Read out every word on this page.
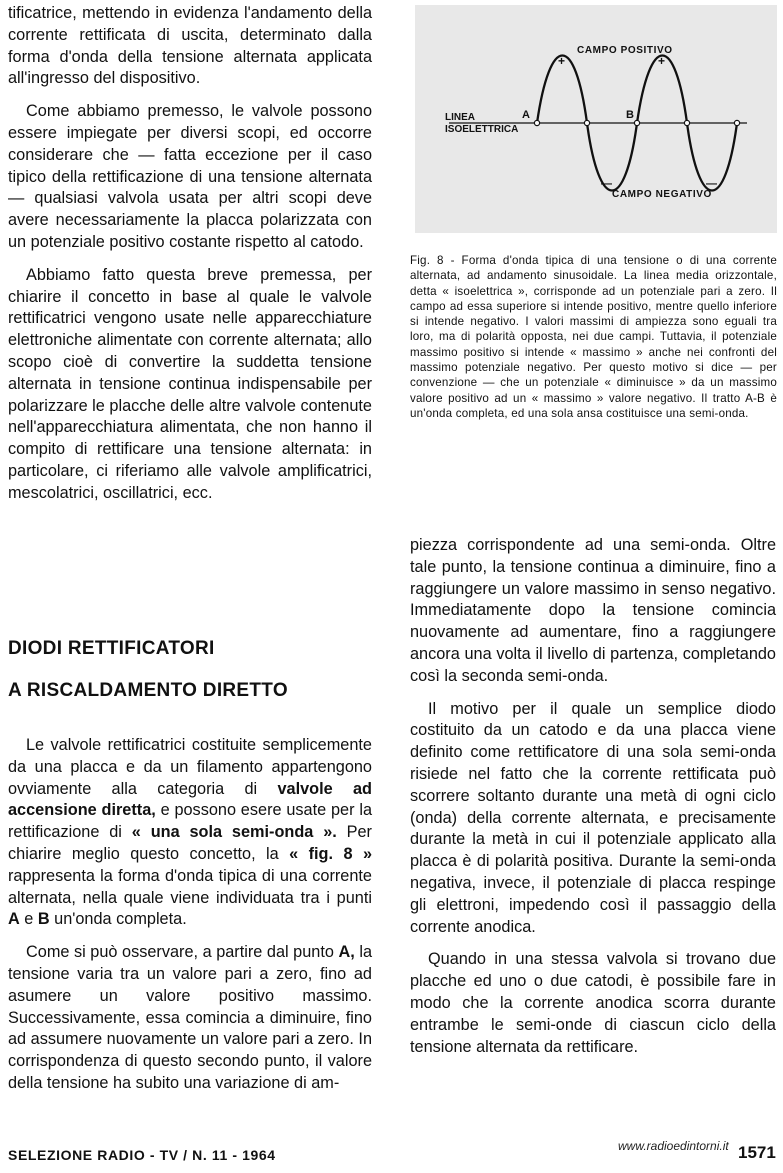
tificatrice, mettendo in evidenza l'andamento della corrente rettificata di uscita, determinato dalla forma d'onda della tensione alternata applicata all'ingresso del dispositivo.

Come abbiamo premesso, le valvole possono essere impiegate per diversi scopi, ed occorre considerare che — fatta eccezione per il caso tipico della rettificazione di una tensione alternata — qualsiasi valvola usata per altri scopi deve avere necessariamente la placca polarizzata con un potenziale positivo costante rispetto al catodo.

Abbiamo fatto questa breve premessa, per chiarire il concetto in base al quale le valvole rettificatrici vengono usate nelle apparecchiature elettroniche alimentate con corrente alternata; allo scopo cioè di convertire la suddetta tensione alternata in tensione continua indispensabile per polarizzare le placche delle altre valvole contenute nell'apparecchiatura alimentata, che non hanno il compito di rettificare una tensione alternata: in particolare, ci riferiamo alle valvole amplificatrici, mescolatrici, oscillatrici, ecc.

DIODI RETTIFICATORI
A RISCALDAMENTO DIRETTO

Le valvole rettificatrici costituite semplicemente da una placca e da un filamento appartengono ovviamente alla categoria di valvole ad accensione diretta, e possono esere usate per la rettificazione di « una sola semi-onda ». Per chiarire meglio questo concetto, la « fig. 8 » rappresenta la forma d'onda tipica di una corrente alternata, nella quale viene individuata tra i punti A e B un'onda completa.

Come si può osservare, a partire dal punto A, la tensione varia tra un valore pari a zero, fino ad asumere un valore positivo massimo. Successivamente, essa comincia a diminuire, fino ad assumere nuovamente un valore pari a zero. In corrispondenza di questo secondo punto, il valore della tensione ha subito una variazione di am-

CAMPO POSITIVO
CAMPO NEGATIVO
LINEA
ISOELETTRICA
A	B
+	+
—	—

Fig. 8 - Forma d'onda tipica di una tensione o di una corrente alternata, ad andamento sinusoidale. La linea media orizzontale, detta « isoelettrica », corrisponde ad un potenziale pari a zero. Il campo ad essa superiore si intende positivo, mentre quello inferiore si intende negativo. I valori massimi di ampiezza sono eguali tra loro, ma di polarità opposta, nei due campi. Tuttavia, il potenziale massimo positivo si intende « massimo » anche nei confronti del massimo potenziale negativo. Per questo motivo si dice — per convenzione — che un potenziale « diminuisce » da un massimo valore positivo ad un « massimo » valore negativo. Il tratto A-B è un'onda completa, ed una sola ansa costituisce una semi-onda.

piezza corrispondente ad una semi-onda. Oltre tale punto, la tensione continua a diminuire, fino a raggiungere un valore massimo in senso negativo. Immediatamente dopo la tensione comincia nuovamente ad aumentare, fino a raggiungere ancora una volta il livello di partenza, completando così la seconda semi-onda.

Il motivo per il quale un semplice diodo costituito da un catodo e da una placca viene definito come rettificatore di una sola semi-onda risiede nel fatto che la corrente rettificata può scorrere soltanto durante una metà di ogni ciclo (onda) della corrente alternata, e precisamente durante la metà in cui il potenziale applicato alla placca è di polarità positiva. Durante la semi-onda negativa, invece, il potenziale di placca respinge gli elettroni, impedendo così il passaggio della corrente anodica.

Quando in una stessa valvola si trovano due placche ed uno o due catodi, è possibile fare in modo che la corrente anodica scorra durante entrambe le semi-onde di ciascun ciclo della tensione alternata da rettificare.

SELEZIONE RADIO - TV / N. 11 - 1964

www.radioedintorni.it 1571
